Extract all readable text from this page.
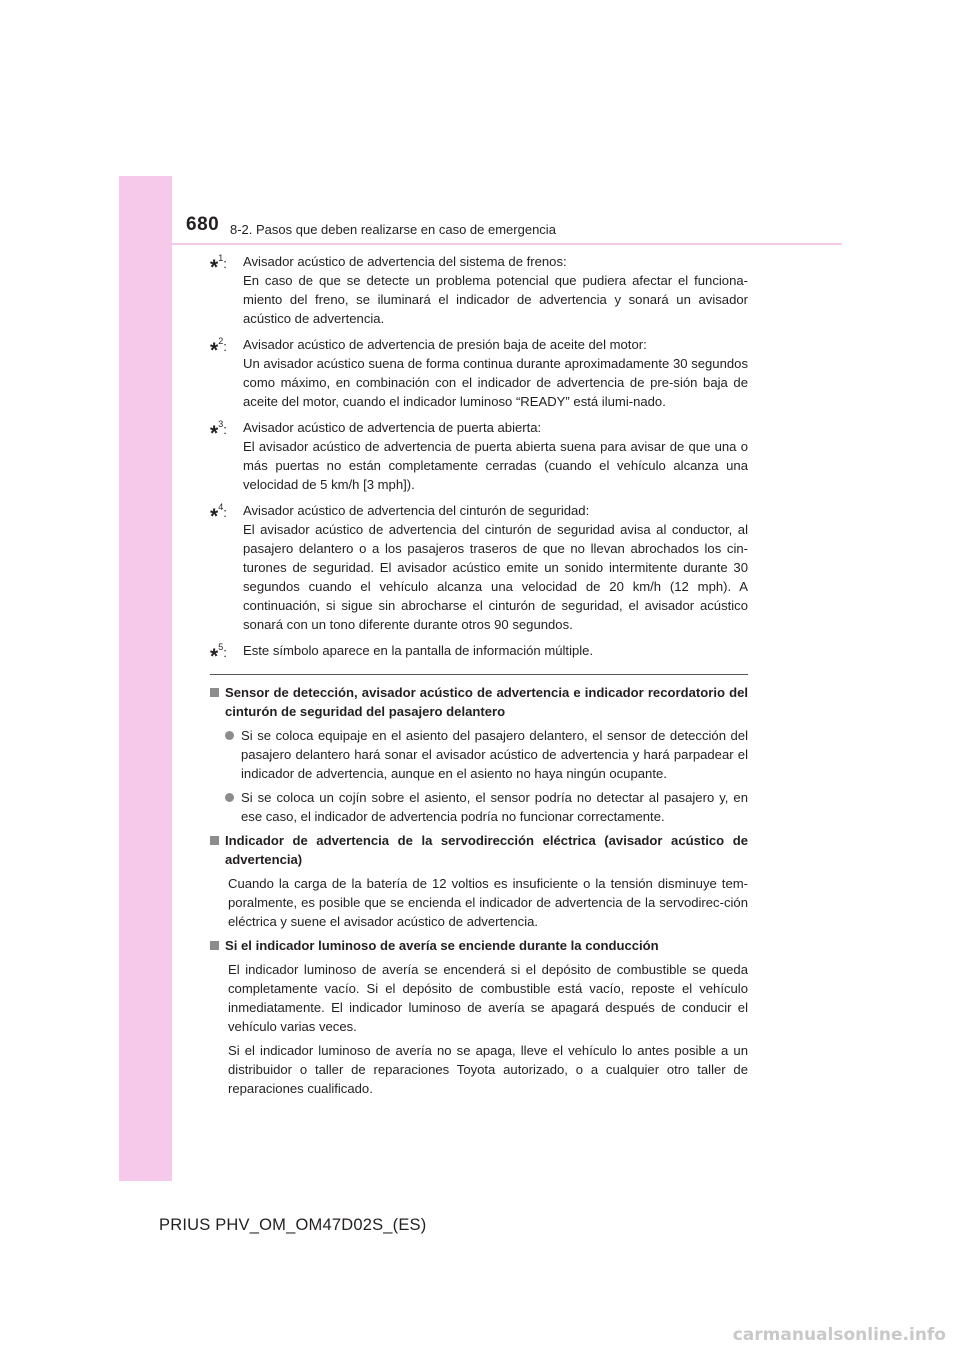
680 8-2. Pasos que deben realizarse en caso de emergencia
*$^1$: Avisador acústico de advertencia del sistema de frenos:
En caso de que se detecte un problema potencial que pudiera afectar el funciona-miento del freno, se iluminará el indicador de advertencia y sonará un avisador acústico de advertencia.
*$^2$: Avisador acústico de advertencia de presión baja de aceite del motor:
Un avisador acústico suena de forma continua durante aproximadamente 30 segundos como máximo, en combinación con el indicador de advertencia de pre-sión baja de aceite del motor, cuando el indicador luminoso “READY” está ilumi-nado.
*$^3$: Avisador acústico de advertencia de puerta abierta:
El avisador acústico de advertencia de puerta abierta suena para avisar de que una o más puertas no están completamente cerradas (cuando el vehículo alcanza una velocidad de 5 km/h [3 mph]).
*$^4$: Avisador acústico de advertencia del cinturón de seguridad:
El avisador acústico de advertencia del cinturón de seguridad avisa al conductor, al pasajero delantero o a los pasajeros traseros de que no llevan abrochados los cin-turones de seguridad. El avisador acústico emite un sonido intermitente durante 30 segundos cuando el vehículo alcanza una velocidad de 20 km/h (12 mph). A continuación, si sigue sin abrocharse el cinturón de seguridad, el avisador acústico sonará con un tono diferente durante otros 90 segundos.
*$^5$: Este símbolo aparece en la pantalla de información múltiple.
Sensor de detección, avisador acústico de advertencia e indicador recordatorio del cinturón de seguridad del pasajero delantero
Si se coloca equipaje en el asiento del pasajero delantero, el sensor de detección del pasajero delantero hará sonar el avisador acústico de advertencia y hará parpadear el indicador de advertencia, aunque en el asiento no haya ningún ocupante.
Si se coloca un cojín sobre el asiento, el sensor podría no detectar al pasajero y, en ese caso, el indicador de advertencia podría no funcionar correctamente.
Indicador de advertencia de la servodirección eléctrica (avisador acústico de advertencia)
Cuando la carga de la batería de 12 voltios es insuficiente o la tensión disminuye tem-poralmente, es posible que se encienda el indicador de advertencia de la servodirec-ción eléctrica y suene el avisador acústico de advertencia.
Si el indicador luminoso de avería se enciende durante la conducción
El indicador luminoso de avería se encenderá si el depósito de combustible se queda completamente vacío. Si el depósito de combustible está vacío, reposte el vehículo inmediatamente. El indicador luminoso de avería se apagará después de conducir el vehículo varias veces.
Si el indicador luminoso de avería no se apaga, lleve el vehículo lo antes posible a un distribuidor o taller de reparaciones Toyota autorizado, o a cualquier otro taller de reparaciones cualificado.
PRIUS PHV_OM_OM47D02S_(ES)
carmanualsonline.info
